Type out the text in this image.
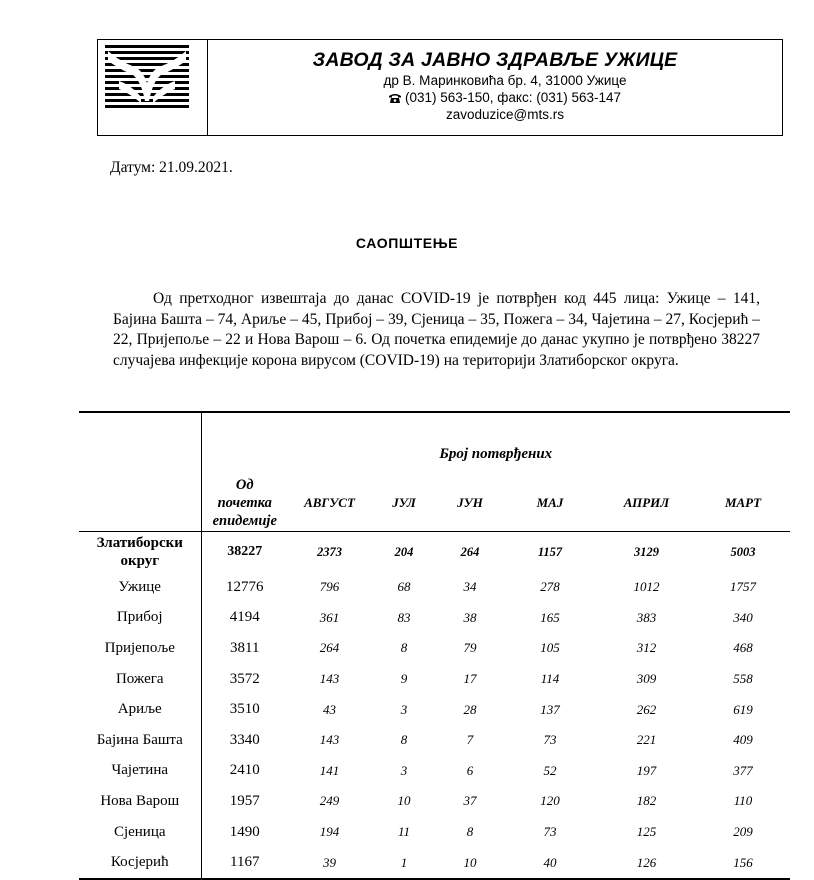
ЗАВОД ЗА ЈАВНО ЗДРАВЉЕ УЖИЦЕ
др В. Маринковића бр. 4, 31000 Ужице
(031) 563-150, факс: (031) 563-147
zavoduzice@mts.rs
Датум: 21.09.2021.
САОПШТЕЊЕ
Од претходног извештаја до данас COVID-19 је потврђен код 445 лица: Ужице – 141, Бајина Башта – 74, Ариље – 45, Прибој – 39, Сјеница – 35, Пожега – 34, Чајетина – 27, Косјерић – 22, Пријепоље – 22 и Нова Варош – 6. Од почетка епидемије до данас укупно је потврђено 38227 случајева инфекције корона вирусом (COVID-19) на територији Златиборског округа.

	Број потврђених						
	Од
почетка
епидемије	АВГУСТ	ЈУЛ	ЈУН	МАЈ	АПРИЛ	МАРТ
Златиборски
округ	38227	2373	204	264	1157	3129	5003
Ужице	12776	796	68	34	278	1012	1757
Прибој	4194	361	83	38	165	383	340
Пријепоље	3811	264	8	79	105	312	468
Пожега	3572	143	9	17	114	309	558
Ариље	3510	43	3	28	137	262	619
Бајина Башта	3340	143	8	7	73	221	409
Чајетина	2410	141	3	6	52	197	377
Нова Варош	1957	249	10	37	120	182	110
Сјеница	1490	194	11	8	73	125	209
Косјерић	1167	39	1	10	40	126	156
